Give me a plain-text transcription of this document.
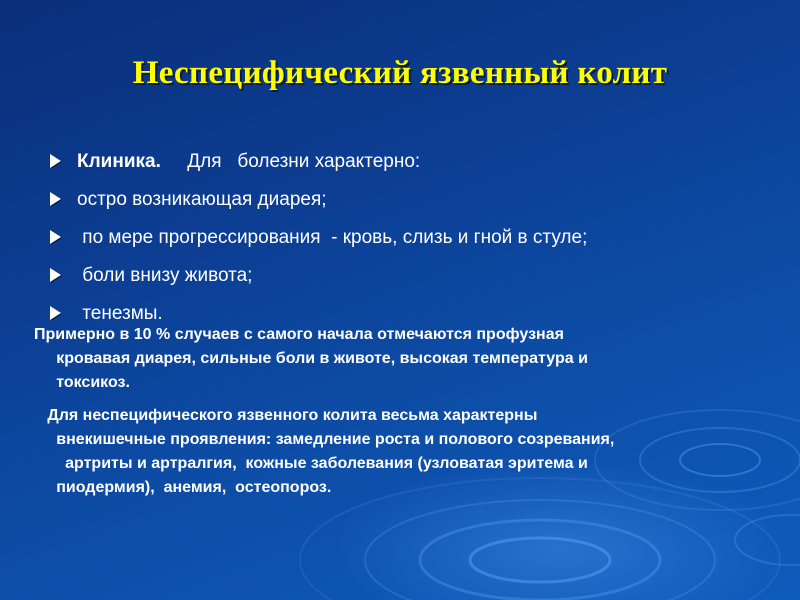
Неспецифический язвенный колит

Клиника.     Для   болезни характерно:

остро возникающая диарея;

по мере прогрессирования  - кровь, слизь и гной в стуле;

боли внизу живота;

тенезмы.

Примерно в 10 % случаев с самого начала отмечаются профузная
кровавая диарея, сильные боли в животе, высокая температура и
токсикоз.

Для неспецифического язвенного колита весьма характерны
внекишечные проявления: замедление роста и полового созревания,
артриты и артралгия,  кожные заболевания (узловатая эритема и
пиодермия),  анемия,  остеопороз.
